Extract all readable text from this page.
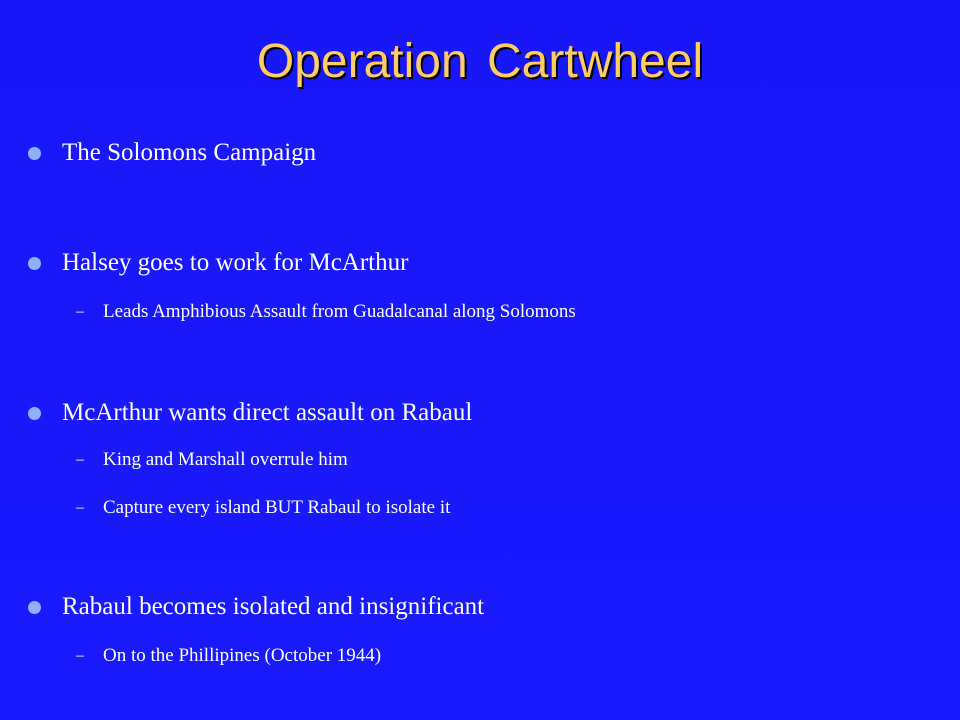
Operation Cartwheel
The Solomons Campaign
Halsey goes to work for McArthur
– Leads Amphibious Assault from Guadalcanal along Solomons
McArthur wants direct assault on Rabaul
– King and Marshall overrule him
– Capture every island BUT Rabaul to isolate it
Rabaul becomes isolated and insignificant
– On to the Phillipines (October 1944)
